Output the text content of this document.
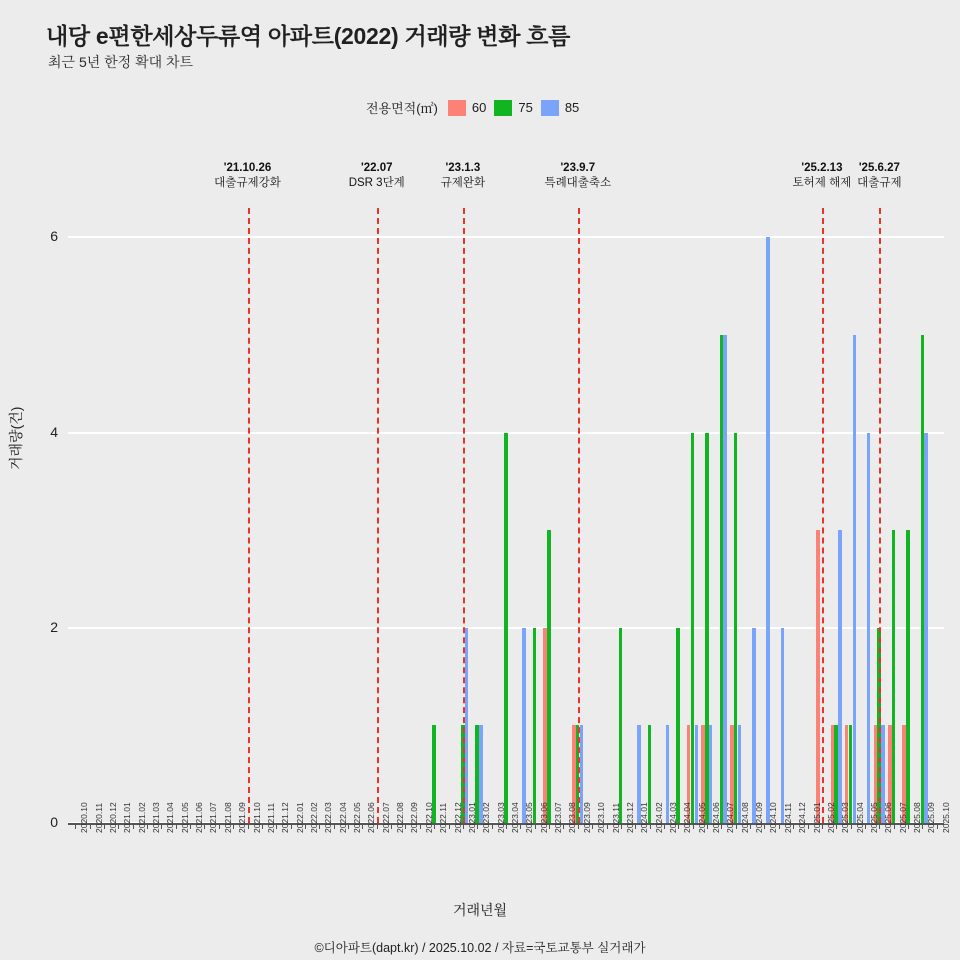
내당 e편한세상두류역 아파트(2022) 거래량 변화 흐름
최근 5년 한정 확대 차트
전용면적(㎡)	60 75 85
거래량(건)
0
2
4
6
2020.10 2020.11 2020.12 2021.01 2021.02 2021.03 2021.04 2021.05 2021.06 2021.07 2021.08 2021.09 2021.10 2021.11 2021.12 2022.01 2022.02 2022.03 2022.04 2022.05 2022.06 2022.07 2022.08 2022.09 2022.10 2022.11 2022.12 2023.01 2023.02 2023.03 2023.04 2023.05 2023.06 2023.07 2023.08 2023.09 2023.10 2023.11 2023.12 2024.01 2024.02 2024.03 2024.04 2024.05 2024.06 2024.07 2024.08 2024.09 2024.10 2024.11 2024.12 2025.01 2025.02 2025.03 2025.04 2025.05 2025.06 2025.07 2025.08 2025.09 2025.10
'21.10.26
대출규제강화
'22.07
DSR 3단계
'23.1.3
규제완화
'23.9.7
특례대출축소
'25.2.13
토허제 해제
'25.6.27
대출규제
거래년월
©디아파트(dapt.kr) / 2025.10.02 / 자료=국토교통부 실거래가
